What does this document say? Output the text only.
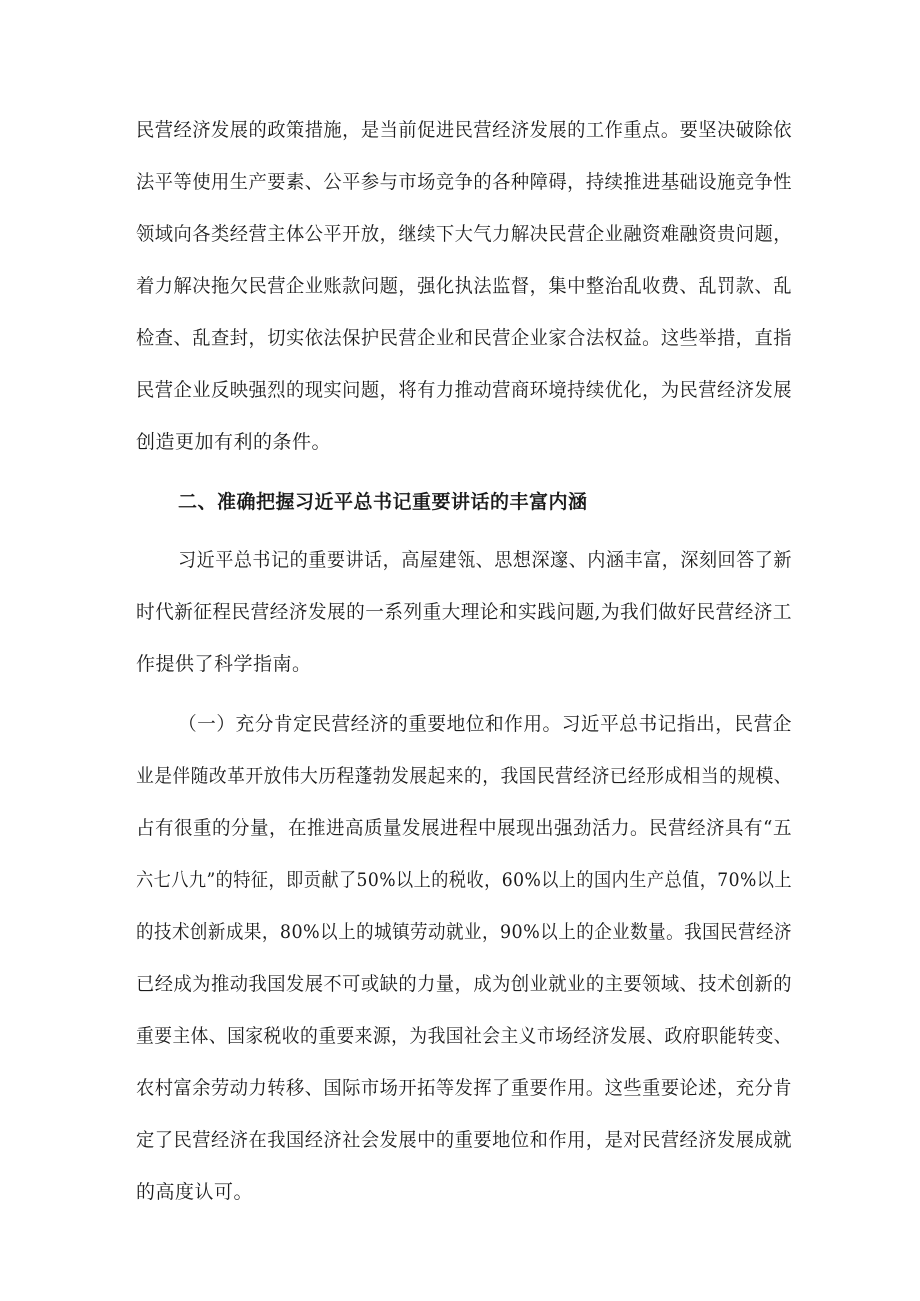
民营经济发展的政策措施，是当前促进民营经济发展的工作重点。要坚决破除依
法平等使用生产要素、公平参与市场竞争的各种障碍，持续推进基础设施竞争性
领域向各类经营主体公平开放，继续下大气力解决民营企业融资难融资贵问题，
着力解决拖欠民营企业账款问题，强化执法监督，集中整治乱收费、乱罚款、乱
检查、乱查封，切实依法保护民营企业和民营企业家合法权益。这些举措，直指
民营企业反映强烈的现实问题，将有力推动营商环境持续优化，为民营经济发展
创造更加有利的条件。
二、准确把握习近平总书记重要讲话的丰富内涵
习近平总书记的重要讲话，高屋建瓴、思想深邃、内涵丰富，深刻回答了新
时代新征程民营经济发展的一系列重大理论和实践问题,为我们做好民营经济工
作提供了科学指南。
（一）充分肯定民营经济的重要地位和作用。习近平总书记指出，民营企
业是伴随改革开放伟大历程蓬勃发展起来的，我国民营经济已经形成相当的规模、
占有很重的分量，在推进高质量发展进程中展现出强劲活力。民营经济具有“五
六七八九”的特征，即贡献了50%以上的税收，60%以上的国内生产总值，70%以上
的技术创新成果，80%以上的城镇劳动就业，90%以上的企业数量。我国民营经济
已经成为推动我国发展不可或缺的力量，成为创业就业的主要领域、技术创新的
重要主体、国家税收的重要来源，为我国社会主义市场经济发展、政府职能转变、
农村富余劳动力转移、国际市场开拓等发挥了重要作用。这些重要论述，充分肯
定了民营经济在我国经济社会发展中的重要地位和作用，是对民营经济发展成就
的高度认可。
